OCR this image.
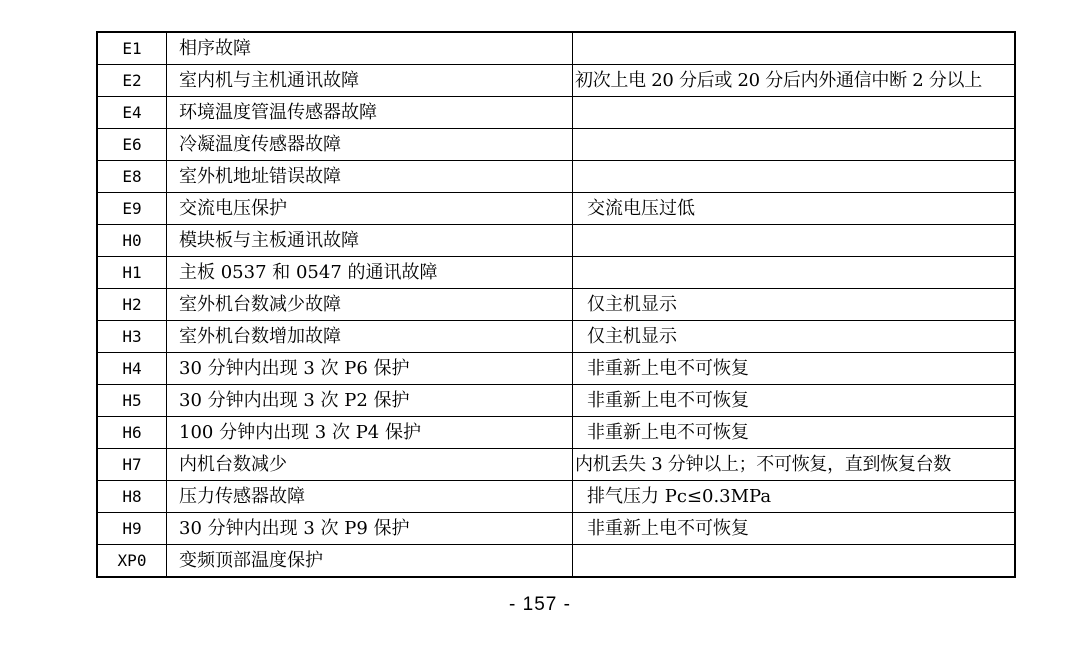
E1	相序故障	
E2	室内机与主机通讯故障	初次上电 20 分后或 20 分后内外通信中断 2 分以上
E4	环境温度管温传感器故障	
E6	冷凝温度传感器故障	
E8	室外机地址错误故障	
E9	交流电压保护	交流电压过低
H0	模块板与主板通讯故障	
H1	主板 0537 和 0547 的通讯故障	
H2	室外机台数减少故障	仅主机显示
H3	室外机台数增加故障	仅主机显示
H4	30 分钟内出现 3 次 P6 保护	非重新上电不可恢复
H5	30 分钟内出现 3 次 P2 保护	非重新上电不可恢复
H6	100 分钟内出现 3 次 P4 保护	非重新上电不可恢复
H7	内机台数减少	内机丢失 3 分钟以上；不可恢复，直到恢复台数
H8	压力传感器故障	排气压力 Pc≤0.3MPa
H9	30 分钟内出现 3 次 P9 保护	非重新上电不可恢复
XP0	变频顶部温度保护	
- 157 -
